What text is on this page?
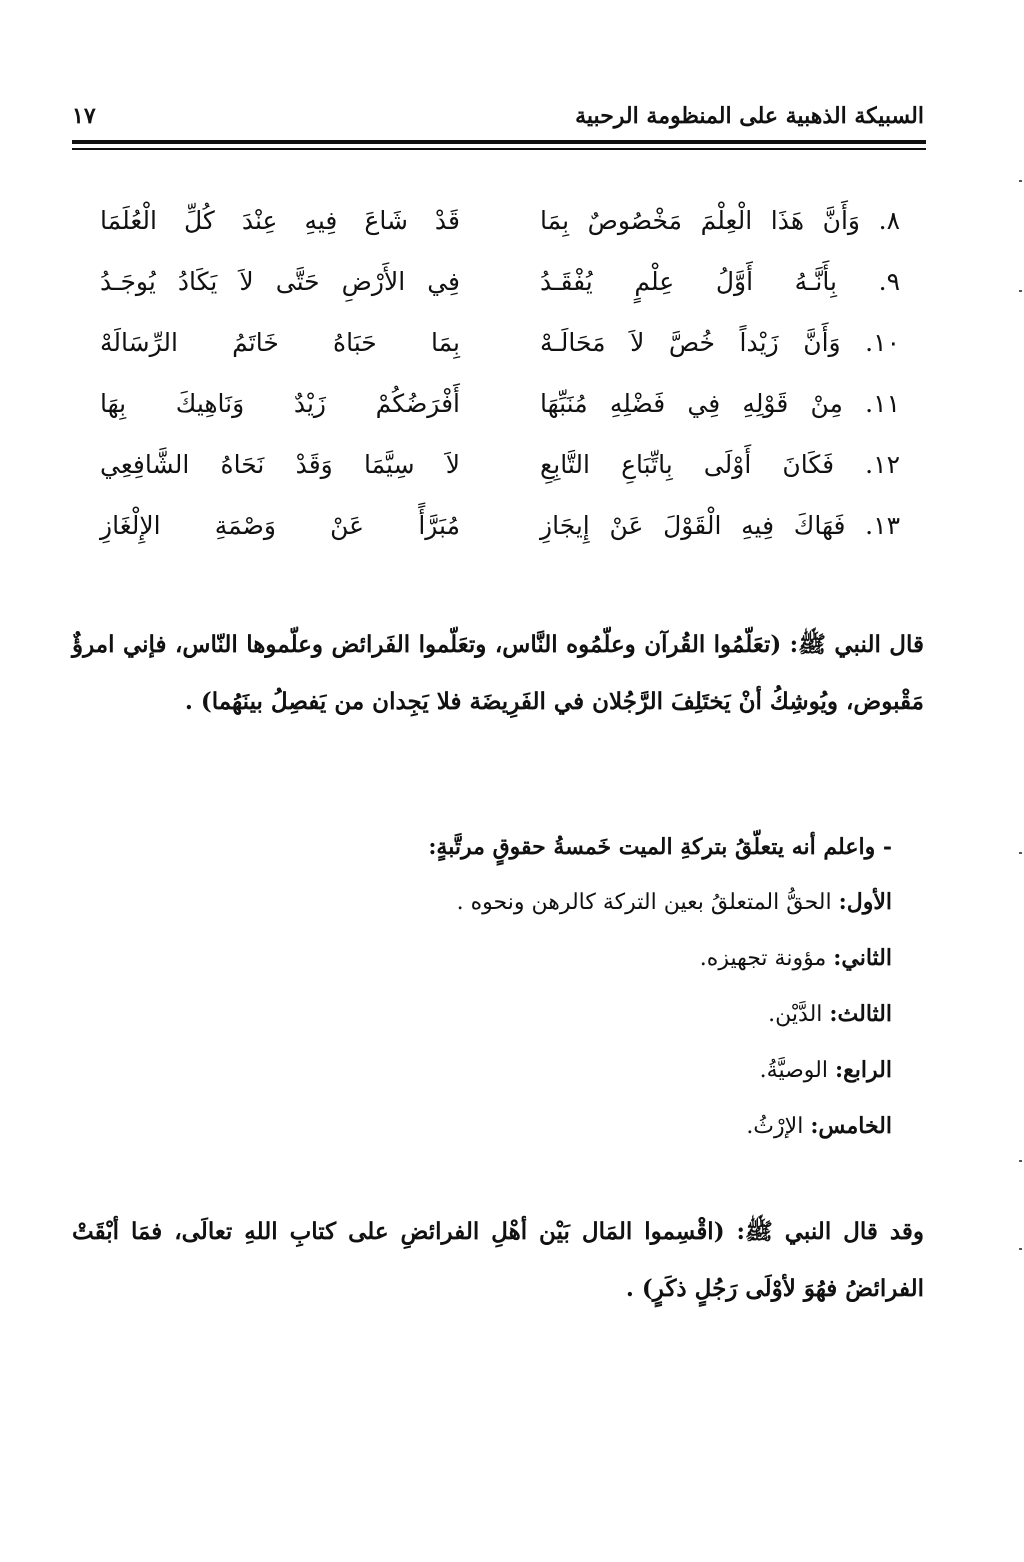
السبيكة الذهبية على المنظومة الرحبية
١٧
٨. وَأَنَّ هَذَا الْعِلْمَ مَخْصُوصٌ بِمَا
قَدْ شَاعَ فِيهِ عِنْدَ كُلِّ الْعُلَمَا
٩. بِأَنَّـهُ أَوَّلُ عِلْمٍ يُفْقَـدُ
فِي الأَرْضِ حَتَّى لاَ يَكَادُ يُوجَـدُ
١٠. وَأَنَّ زَيْداً خُصَّ لاَ مَحَالَـهْ
بِمَا حَبَاهُ خَاتَمُ الرِّسَالَهْ
١١. مِنْ قَوْلِهِ فِي فَضْلِهِ مُنَبِّهَا
أَفْرَضُكُمْ زَيْدٌ وَنَاهِيكَ بِهَا
١٢. فَكَانَ أَوْلَى بِاتِّبَاعِ التَّابِعِ
لاَ سِيَّمَا وَقَدْ نَحَاهُ الشَّافِعِي
١٣. فَهَاكَ فِيهِ الْقَوْلَ عَنْ إِيجَازِ
مُبَرَّأً عَنْ وَصْمَةِ الإِلْغَازِ

قال النبي ﷺ: (تعَلّمُوا القُرآن وعلّمُوه النَّاس، وتعَلّموا الفَرائض وعلّموها النّاس، فإني امرؤٌ مَقْبوض، ويُوشِكُ أنْ يَختَلِفَ الرَّجُلان في الفَرِيضَة فلا يَجِدان من يَفصِلُ بينَهُما) .

- واعلم أنه يتعلّقُ بتركةِ الميت خَمسةُ حقوقٍ مرتَّبةٍ:
الأول: الحقُّ المتعلقُ بعين التركة كالرهن ونحوه .
الثاني: مؤونة تجهيزه.
الثالث: الدَّيْن.
الرابع: الوصيَّةُ.
الخامس: الإرْثُ.

وقد قال النبي ﷺ: (اقْسِموا المَال بَيْن أهْلِ الفرائضِ على كتابِ اللهِ تعالَى، فمَا أبْقَتْ الفرائضُ فهُوَ لأوْلَى رَجُلٍ ذكَرٍ) .
